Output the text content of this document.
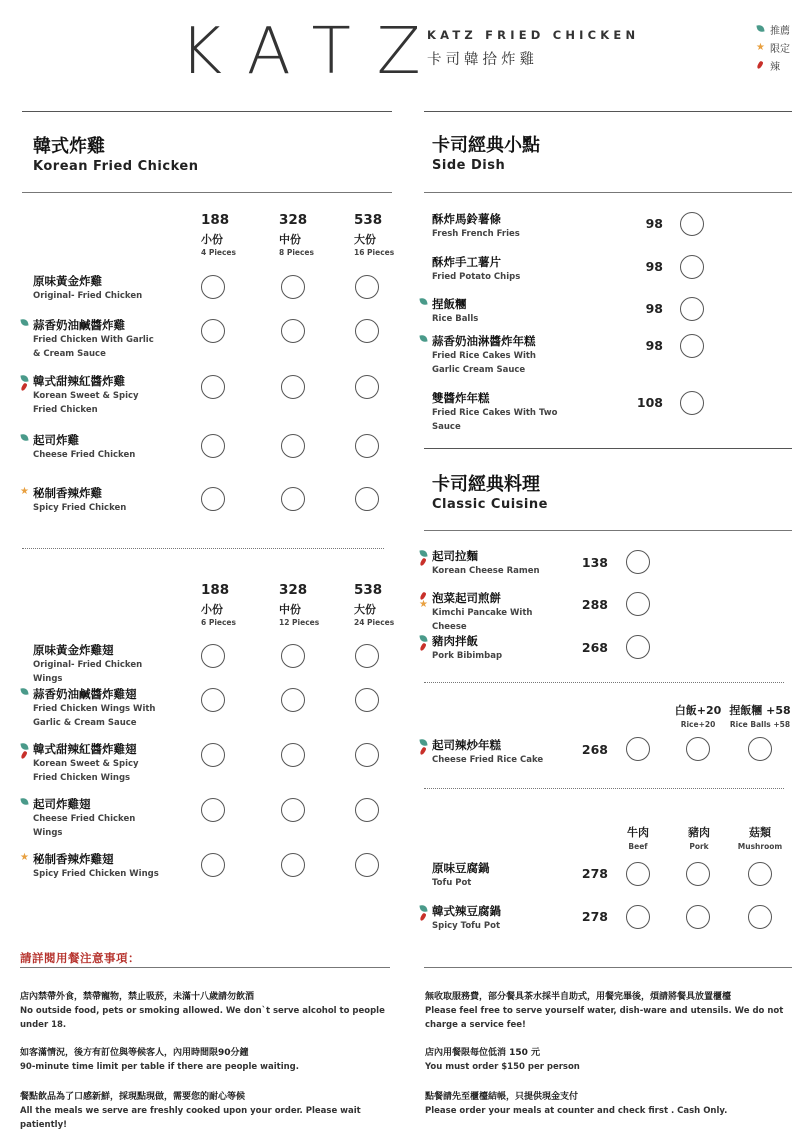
KATZ
KATZ FRIED CHICKEN
卡司韓拾炸雞
推薦
★ 限定
辣
韓式炸雞
Korean Fried Chicken
188
小份
4 Pieces
328
中份
8 Pieces
538
大份
16 Pieces
原味黃金炸雞
Original- Fried Chicken
蒜香奶油鹹醬炸雞
Fried Chicken With Garlic & Cream Sauce
韓式甜辣紅醬炸雞
Korean Sweet & Spicy Fried Chicken
起司炸雞
Cheese Fried Chicken
秘制香辣炸雞
Spicy Fried Chicken
★
188
小份
6 Pieces
328
中份
12 Pieces
538
大份
24 Pieces
原味黃金炸雞翅
Original- Fried Chicken Wings
蒜香奶油鹹醬炸雞翅
Fried Chicken Wings With Garlic & Cream Sauce
韓式甜辣紅醬炸雞翅
Korean Sweet & Spicy Fried Chicken Wings
起司炸雞翅
Cheese Fried Chicken Wings
秘制香辣炸雞翅
Spicy Fried Chicken Wings
★
卡司經典小點
Side Dish
酥炸馬鈴薯條
Fresh French Fries
98
酥炸手工薯片
Fried Potato Chips
98
捏飯糰
Rice Balls
98
蒜香奶油淋醬炸年糕
Fried Rice Cakes With Garlic Cream Sauce
98
雙醬炸年糕
Fried Rice Cakes With Two Sauce
108
卡司經典料理
Classic Cuisine
起司拉麵
Korean Cheese Ramen
138
泡菜起司煎餅
Kimchi Pancake With Cheese
★	288
豬肉拌飯
Pork Bibimbap
268
白飯+20
Rice+20
捏飯糰 +58
Rice Balls +58
起司辣炒年糕
Cheese Fried Rice Cake
268
牛肉
Beef
豬肉
Pork
菇類
Mushroom
原味豆腐鍋
Tofu Pot
278
韓式辣豆腐鍋
Spicy Tofu Pot
278
請詳閱用餐注意事項：
店內禁帶外食，禁帶寵物，禁止吸菸，未滿十八歲請勿飲酒
No outside food, pets or smoking allowed. We don`t serve alcohol to people under 18.
如客滿情況，後方有訂位與等候客人，內用時間限90分鐘
90-minute time limit per table if there are people waiting.
餐點飲品為了口感新鮮，採現點現做，需要您的耐心等候
All the meals we serve are freshly cooked upon your order. Please wait patiently!
無收取服務費，部分餐具茶水採半自助式，用餐完畢後，煩請將餐具放置櫃檯
Please feel free to serve yourself water, dish-ware and utensils. We do not charge a service fee!
店內用餐限每位低消 150 元
You must order $150 per person
點餐請先至櫃檯結帳，只提供現金支付
Please order your meals at counter and check first . Cash Only.
